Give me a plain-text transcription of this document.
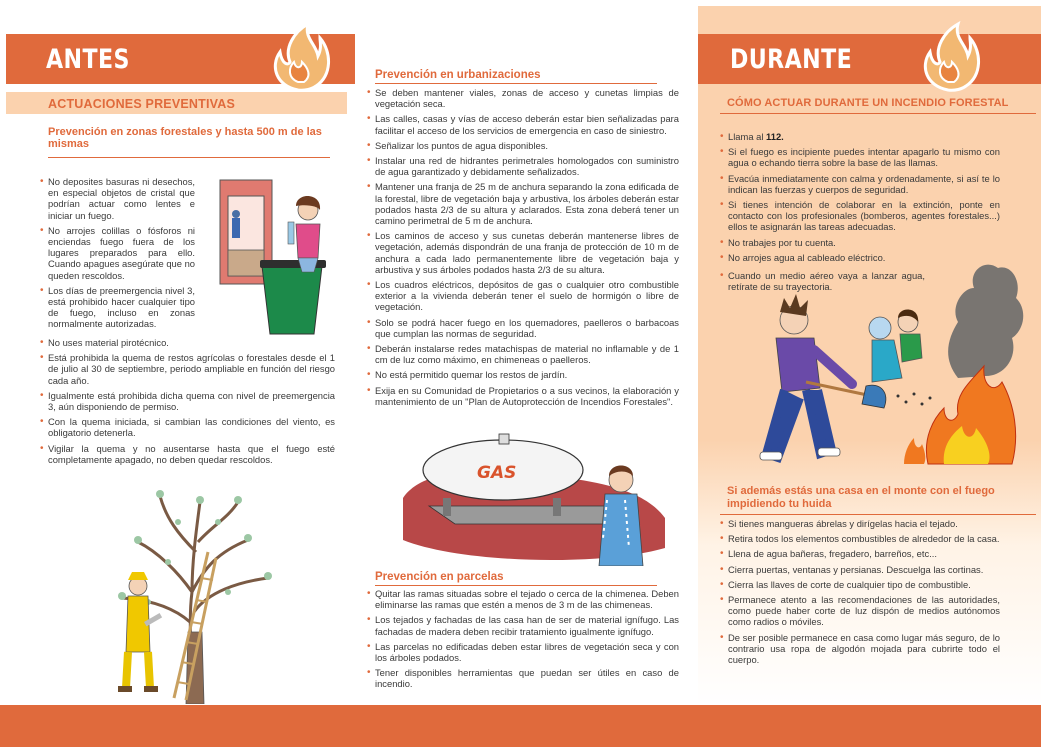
ANTES
ACTUACIONES PREVENTIVAS
Prevención en zonas forestales y hasta 500 m de las mismas
• No deposites basuras ni desechos, en especial objetos de cristal que podrían actuar como lentes e iniciar un fuego.
• No arrojes colillas o fósforos ni enciendas fuego fuera de los lugares preparados para ello. Cuando apagues asegúrate que no queden rescoldos.
• Los días de preemergencia nivel 3, está prohibido hacer cualquier tipo de fuego, incluso en zonas normalmente autorizadas.
• No uses material pirotécnico.
• Está prohibida la quema de restos agrícolas o forestales desde el 1 de julio al 30 de septiembre, periodo ampliable en función del riesgo cada año.
• Igualmente está prohibida dicha quema con nivel de preemergencia 3, aún disponiendo de permiso.
• Con la quema iniciada, si cambian las condiciones del viento, es obligatorio detenerla.
• Vigilar la quema y no ausentarse hasta que el fuego esté completamente apagado, no deben quedar rescoldos.
Prevención en urbanizaciones
• Se deben mantener viales, zonas de acceso y cunetas limpias de vegetación seca.
• Las calles, casas y vías de acceso deberán estar bien señalizadas para facilitar el acceso de los servicios de emergencia en caso de siniestro.
• Señalizar los puntos de agua disponibles.
• Instalar una red de hidrantes perimetrales homologados con suministro de agua garantizado y debidamente señalizados.
• Mantener una franja de 25 m de anchura separando la zona edificada de la forestal, libre de vegetación baja y arbustiva, los árboles deberán estar podados hasta 2/3 de su altura y aclarados. Esta zona deberá tener un camino perimetral de 5 m de anchura.
• Los caminos de acceso y sus cunetas deberán mantenerse libres de vegetación, además dispondrán de una franja de protección de 10 m de anchura a cada lado permanentemente libre de vegetación baja y arbustiva y sus árboles podados hasta 2/3 de su altura.
• Los cuadros eléctricos, depósitos de gas o cualquier otro combustible exterior a la vivienda deberán tener el suelo de hormigón o libre de vegetación.
• Solo se podrá hacer fuego en los quemadores, paelleros o barbacoas que cumplan las normas de seguridad.
• Deberán instalarse redes matachispas de material no inflamable y de 1 cm de luz como máximo, en chimeneas o paelleros.
• No está permitido quemar los restos de jardín.
• Exija en su Comunidad de Propietarios o a sus vecinos, la elaboración y mantenimiento de un "Plan de Autoprotección de Incendios Forestales".
GAS
Prevención en parcelas
• Quitar las ramas situadas sobre el tejado o cerca de la chimenea. Deben eliminarse las ramas que estén a menos de 3 m de las chimeneas.
• Los tejados y fachadas de las casa han de ser de material ignífugo. Las fachadas de madera deben recibir tratamiento igualmente ignífugo.
• Las parcelas no edificadas deben estar libres de vegetación seca y con los árboles podados.
• Tener disponibles herramientas que puedan ser útiles en caso de incendio.
DURANTE
CÓMO ACTUAR DURANTE UN INCENDIO FORESTAL
• Llama al 112.
• Si el fuego es incipiente puedes intentar apagarlo tu mismo con agua o echando tierra sobre la base de las llamas.
• Evacúa inmediatamente con calma y ordenadamente, si así te lo indican las fuerzas y cuerpos de seguridad.
• Si tienes intención de colaborar en la extinción, ponte en contacto con los profesionales (bomberos, agentes forestales...) ellos te asignarán las tareas adecuadas.
• No trabajes por tu cuenta.
• No arrojes agua al cableado eléctrico.
• Cuando un medio aéreo vaya a lanzar agua, retírate de su trayectoria.
Si además estás una casa en el monte con el fuego impidiendo tu huida
• Si tienes mangueras ábrelas y dirígelas hacia el tejado.
• Retira todos los elementos combustibles de alrededor de la casa.
• Llena de agua bañeras, fregadero, barreños, etc...
• Cierra puertas, ventanas y persianas. Descuelga las cortinas.
• Cierra las llaves de corte de cualquier tipo de combustible.
• Permanece atento a las recomendaciones de las autoridades, como puede haber corte de luz dispón de medios autónomos como radios o móviles.
• De ser posible permanece en casa como lugar más seguro, de lo contrario usa ropa de algodón mojada para cubrirte todo el cuerpo.
